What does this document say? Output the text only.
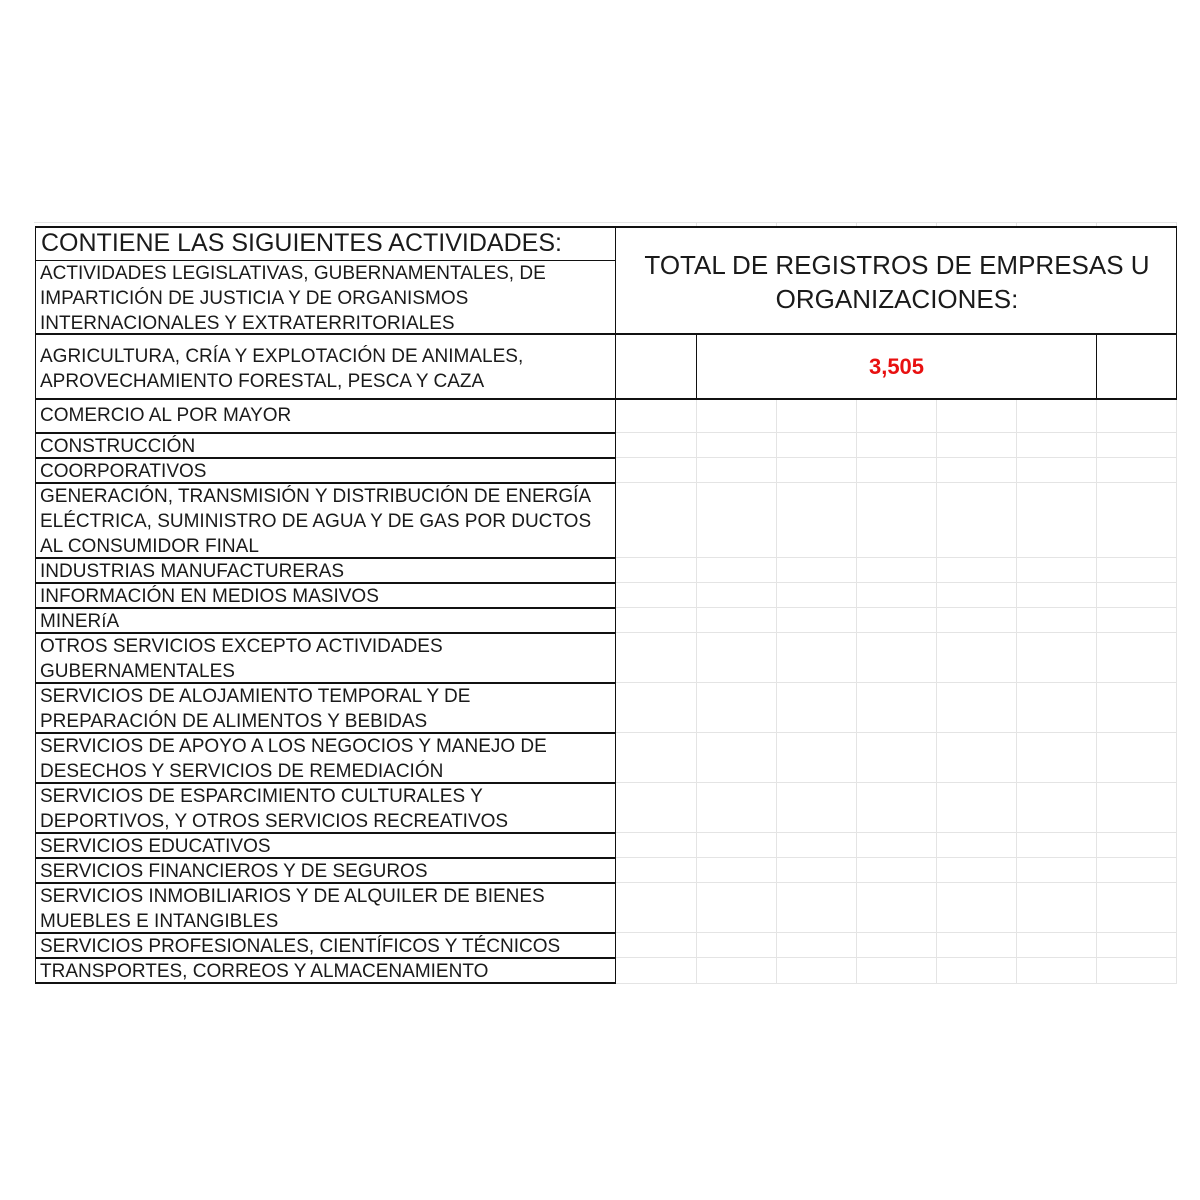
CONTIENE LAS SIGUIENTES ACTIVIDADES:
TOTAL DE REGISTROS DE EMPRESAS U ORGANIZACIONES:
3,505
ACTIVIDADES LEGISLATIVAS, GUBERNAMENTALES, DE IMPARTICIÓN DE JUSTICIA Y DE ORGANISMOS INTERNACIONALES Y EXTRATERRITORIALES
AGRICULTURA, CRÍA Y EXPLOTACIÓN DE ANIMALES, APROVECHAMIENTO FORESTAL, PESCA Y CAZA
COMERCIO AL POR MAYOR
CONSTRUCCIÓN
COORPORATIVOS
GENERACIÓN, TRANSMISIÓN Y DISTRIBUCIÓN DE ENERGÍA ELÉCTRICA, SUMINISTRO DE AGUA Y DE GAS POR DUCTOS AL CONSUMIDOR FINAL
INDUSTRIAS MANUFACTURERAS
INFORMACIÓN EN MEDIOS MASIVOS
MINERíA
OTROS SERVICIOS EXCEPTO ACTIVIDADES GUBERNAMENTALES
SERVICIOS DE ALOJAMIENTO TEMPORAL Y DE PREPARACIÓN DE ALIMENTOS Y BEBIDAS
SERVICIOS DE APOYO A LOS NEGOCIOS Y MANEJO DE DESECHOS Y SERVICIOS DE REMEDIACIÓN
SERVICIOS DE ESPARCIMIENTO CULTURALES Y DEPORTIVOS, Y OTROS SERVICIOS RECREATIVOS
SERVICIOS EDUCATIVOS
SERVICIOS FINANCIEROS Y DE SEGUROS
SERVICIOS INMOBILIARIOS Y DE ALQUILER DE BIENES MUEBLES E INTANGIBLES
SERVICIOS PROFESIONALES, CIENTÍFICOS Y TÉCNICOS
TRANSPORTES, CORREOS Y ALMACENAMIENTO
